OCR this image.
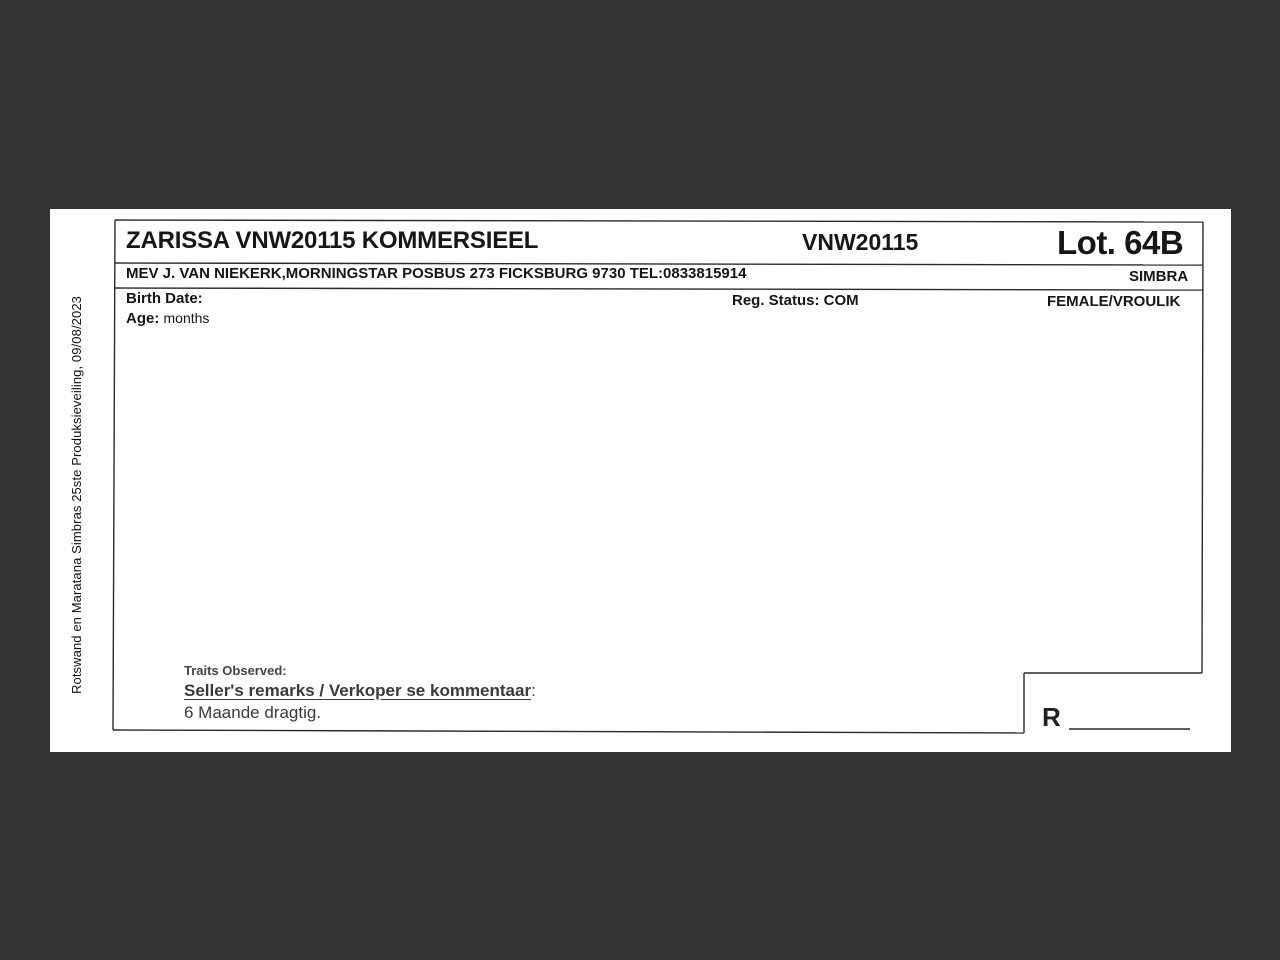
Rotswand en Maratana Simbras 25ste Produksieveiling, 09/08/2023
ZARISSA VNW20115 KOMMERSIEEL	VNW20115	Lot. 64B
MEV J. VAN NIEKERK,MORNINGSTAR POSBUS 273 FICKSBURG 9730 TEL:0833815914	SIMBRA
Birth Date:
Age: months
Reg. Status: COM	FEMALE/VROULIK
Traits Observed:
Seller's remarks / Verkoper se kommentaar:
6 Maande dragtig.	R
